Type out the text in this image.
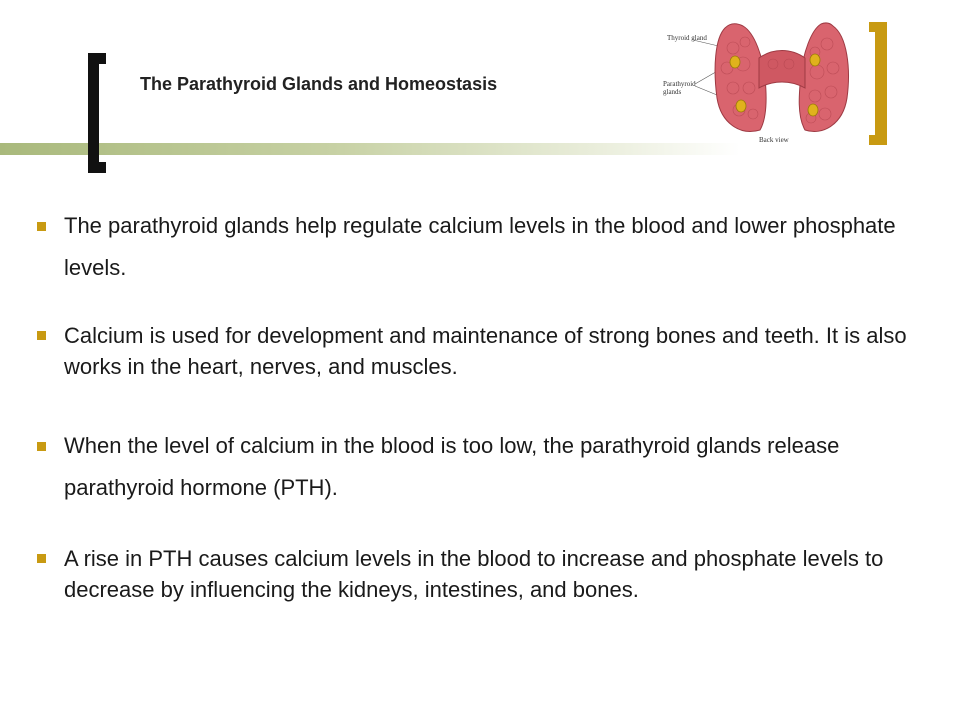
The Parathyroid Glands and Homeostasis
Thyroid gland
Parathyroid glands
Back view
The parathyroid glands help regulate calcium levels in the blood and lower phosphate levels.
Calcium is used for development and maintenance of strong bones and teeth. It is also works in the heart, nerves, and muscles.
When the level of calcium in the blood is too low, the parathyroid glands release parathyroid hormone (PTH).
A rise in PTH causes calcium levels in the blood to increase and phosphate levels to decrease by influencing the kidneys, intestines, and bones.
